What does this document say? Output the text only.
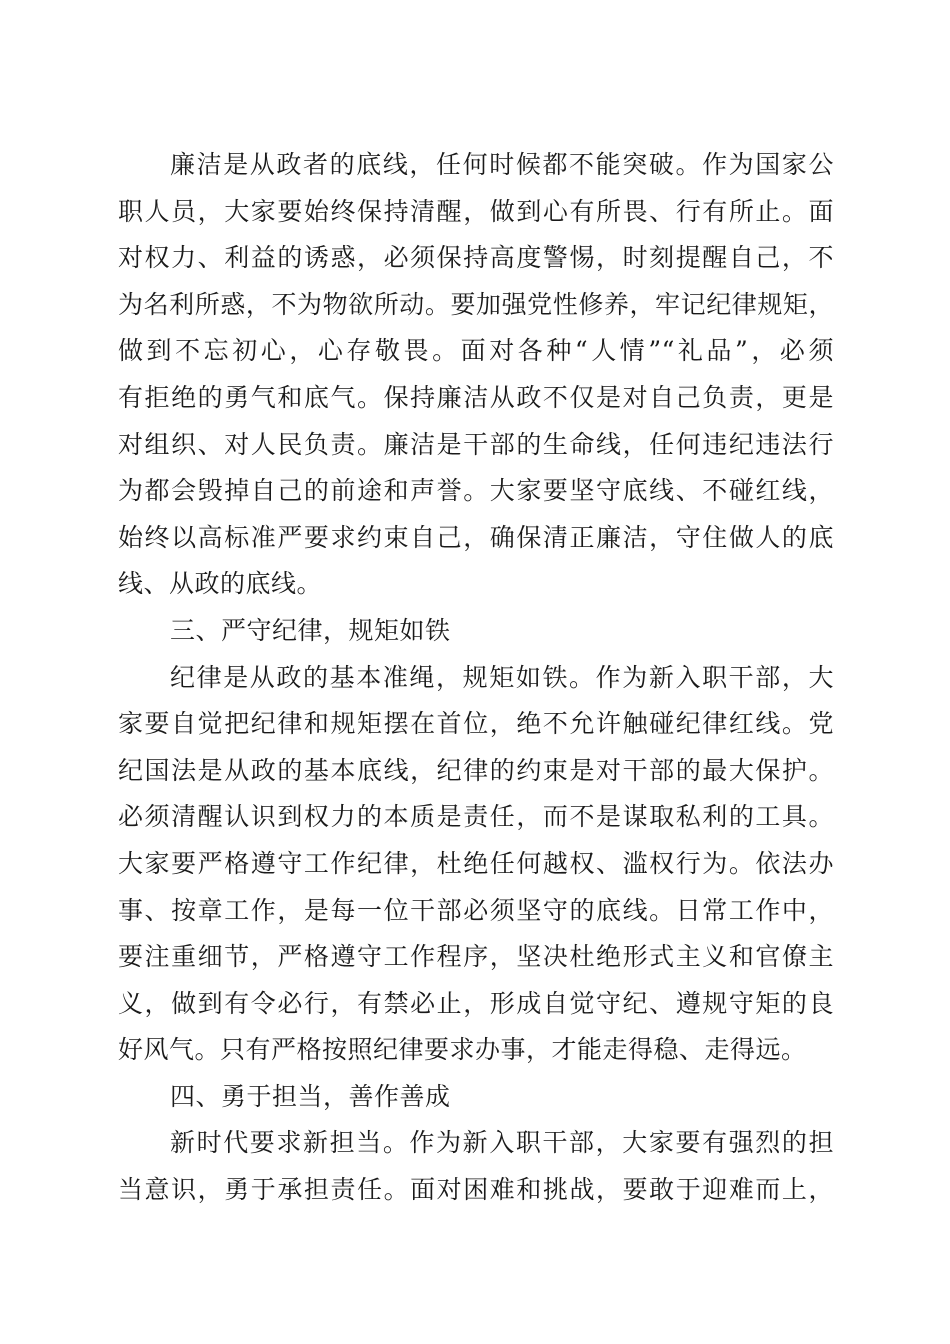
廉洁是从政者的底线，任何时候都不能突破。作为国家公
职人员，大家要始终保持清醒，做到心有所畏、行有所止。面
对权力、利益的诱惑，必须保持高度警惕，时刻提醒自己，不
为名利所惑，不为物欲所动。要加强党性修养，牢记纪律规矩，
做到不忘初心，心存敬畏。面对各种“人情”“礼品”，必须
有拒绝的勇气和底气。保持廉洁从政不仅是对自己负责，更是
对组织、对人民负责。廉洁是干部的生命线，任何违纪违法行
为都会毁掉自己的前途和声誉。大家要坚守底线、不碰红线，
始终以高标准严要求约束自己，确保清正廉洁，守住做人的底
线、从政的底线。
三、严守纪律，规矩如铁
纪律是从政的基本准绳，规矩如铁。作为新入职干部，大
家要自觉把纪律和规矩摆在首位，绝不允许触碰纪律红线。党
纪国法是从政的基本底线，纪律的约束是对干部的最大保护。
必须清醒认识到权力的本质是责任，而不是谋取私利的工具。
大家要严格遵守工作纪律，杜绝任何越权、滥权行为。依法办
事、按章工作，是每一位干部必须坚守的底线。日常工作中，
要注重细节，严格遵守工作程序，坚决杜绝形式主义和官僚主
义，做到有令必行，有禁必止，形成自觉守纪、遵规守矩的良
好风气。只有严格按照纪律要求办事，才能走得稳、走得远。
四、勇于担当，善作善成
新时代要求新担当。作为新入职干部，大家要有强烈的担
当意识，勇于承担责任。面对困难和挑战，要敢于迎难而上，
